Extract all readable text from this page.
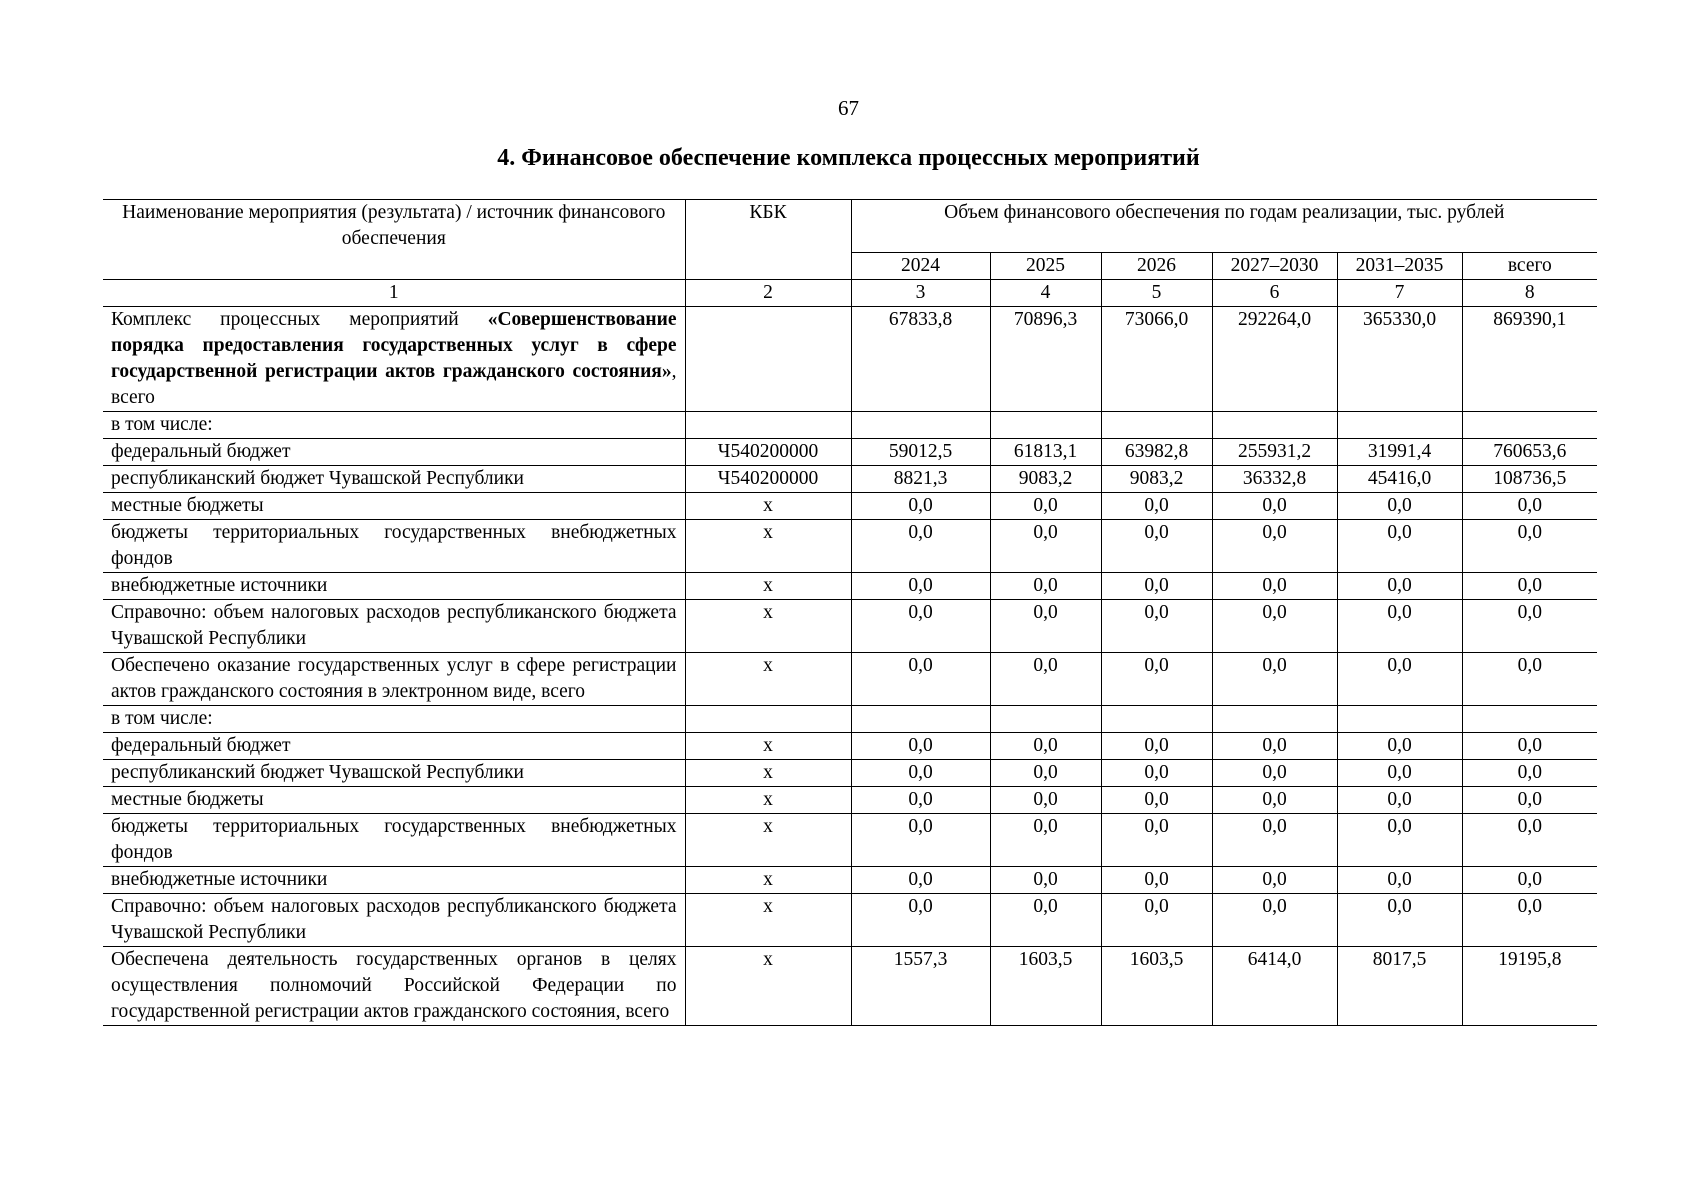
67
4. Финансовое обеспечение комплекса процессных мероприятий
Наименование мероприятия (результата) / источник финансового обеспечения	КБК	Объем финансового обеспечения по годам реализации, тыс. рублей					
		2024	2025	2026	2027–2030	2031–2035	всего
1	2	3	4	5	6	7	8
Комплекс процессных мероприятий «Совершенствование порядка предоставления государственных услуг в сфере государственной регистрации актов гражданского состояния», всего		67833,8	70896,3	73066,0	292264,0	365330,0	869390,1
в том числе:							
федеральный бюджет	Ч540200000	59012,5	61813,1	63982,8	255931,2	31991,4	760653,6
республиканский бюджет Чувашской Республики	Ч540200000	8821,3	9083,2	9083,2	36332,8	45416,0	108736,5
местные бюджеты	х	0,0	0,0	0,0	0,0	0,0	0,0
бюджеты территориальных государственных внебюджетных фондов	х	0,0	0,0	0,0	0,0	0,0	0,0
внебюджетные источники	х	0,0	0,0	0,0	0,0	0,0	0,0
Справочно: объем налоговых расходов республиканского бюджета Чувашской Республики	х	0,0	0,0	0,0	0,0	0,0	0,0
Обеспечено оказание государственных услуг в сфере регистрации актов гражданского состояния в электронном виде, всего	х	0,0	0,0	0,0	0,0	0,0	0,0
в том числе:							
федеральный бюджет	х	0,0	0,0	0,0	0,0	0,0	0,0
республиканский бюджет Чувашской Республики	х	0,0	0,0	0,0	0,0	0,0	0,0
местные бюджеты	х	0,0	0,0	0,0	0,0	0,0	0,0
бюджеты территориальных государственных внебюджетных фондов	х	0,0	0,0	0,0	0,0	0,0	0,0
внебюджетные источники	х	0,0	0,0	0,0	0,0	0,0	0,0
Справочно: объем налоговых расходов республиканского бюджета Чувашской Республики	х	0,0	0,0	0,0	0,0	0,0	0,0
Обеспечена деятельность государственных органов в целях осуществления полномочий Российской Федерации по государственной регистрации актов гражданского состояния, всего	х	1557,3	1603,5	1603,5	6414,0	8017,5	19195,8
